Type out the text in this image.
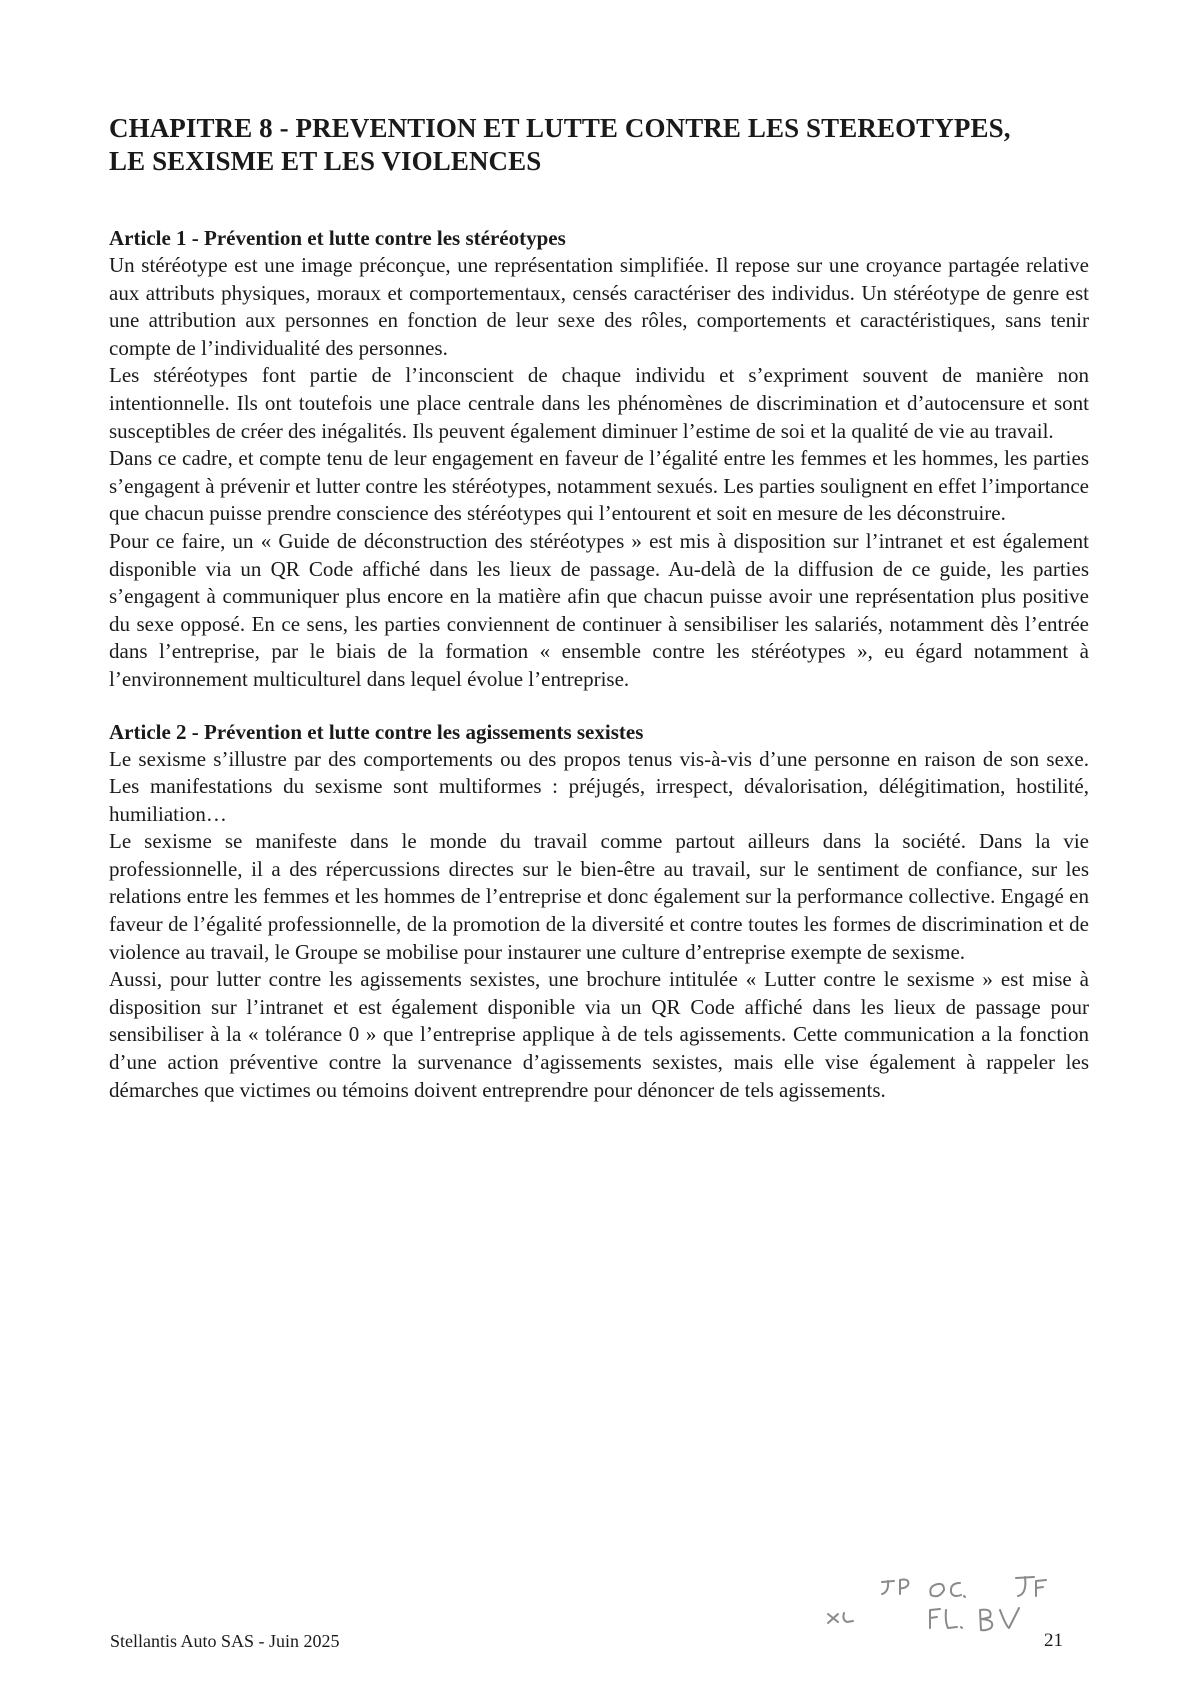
CHAPITRE 8 - PREVENTION ET LUTTE CONTRE LES STEREOTYPES,
LE SEXISME ET LES VIOLENCES
Article 1 - Prévention et lutte contre les stéréotypes

Un stéréotype est une image préconçue, une représentation simplifiée. Il repose sur une croyance partagée relative aux attributs physiques, moraux et comportementaux, censés caractériser des individus. Un stéréotype de genre est une attribution aux personnes en fonction de leur sexe des rôles, comportements et caractéristiques, sans tenir compte de l’individualité des personnes.

Les stéréotypes font partie de l’inconscient de chaque individu et s’expriment souvent de manière non intentionnelle. Ils ont toutefois une place centrale dans les phénomènes de discrimination et d’autocensure et sont susceptibles de créer des inégalités. Ils peuvent également diminuer l’estime de soi et la qualité de vie au travail.

Dans ce cadre, et compte tenu de leur engagement en faveur de l’égalité entre les femmes et les hommes, les parties s’engagent à prévenir et lutter contre les stéréotypes, notamment sexués. Les parties soulignent en effet l’importance que chacun puisse prendre conscience des stéréotypes qui l’entourent et soit en mesure de les déconstruire.

Pour ce faire, un « Guide de déconstruction des stéréotypes » est mis à disposition sur l’intranet et est également disponible via un QR Code affiché dans les lieux de passage. Au-delà de la diffusion de ce guide, les parties s’engagent à communiquer plus encore en la matière afin que chacun puisse avoir une représentation plus positive du sexe opposé. En ce sens, les parties conviennent de continuer à sensibiliser les salariés, notamment dès l’entrée dans l’entreprise, par le biais de la formation « ensemble contre les stéréotypes », eu égard notamment à l’environnement multiculturel dans lequel évolue l’entreprise.

Article 2 - Prévention et lutte contre les agissements sexistes

Le sexisme s’illustre par des comportements ou des propos tenus vis-à-vis d’une personne en raison de son sexe. Les manifestations du sexisme sont multiformes : préjugés, irrespect, dévalorisation, délégitimation, hostilité, humiliation…

Le sexisme se manifeste dans le monde du travail comme partout ailleurs dans la société. Dans la vie professionnelle, il a des répercussions directes sur le bien-être au travail, sur le sentiment de confiance, sur les relations entre les femmes et les hommes de l’entreprise et donc également sur la performance collective. Engagé en faveur de l’égalité professionnelle, de la promotion de la diversité et contre toutes les formes de discrimination et de violence au travail, le Groupe se mobilise pour instaurer une culture d’entreprise exempte de sexisme.

Aussi, pour lutter contre les agissements sexistes, une brochure intitulée « Lutter contre le sexisme » est mise à disposition sur l’intranet et est également disponible via un QR Code affiché dans les lieux de passage pour sensibiliser à la « tolérance 0 » que l’entreprise applique à de tels agissements. Cette communication a la fonction d’une action préventive contre la survenance d’agissements sexistes, mais elle vise également à rappeler les démarches que victimes ou témoins doivent entreprendre pour dénoncer de tels agissements.

Stellantis Auto SAS - Juin 2025	21
